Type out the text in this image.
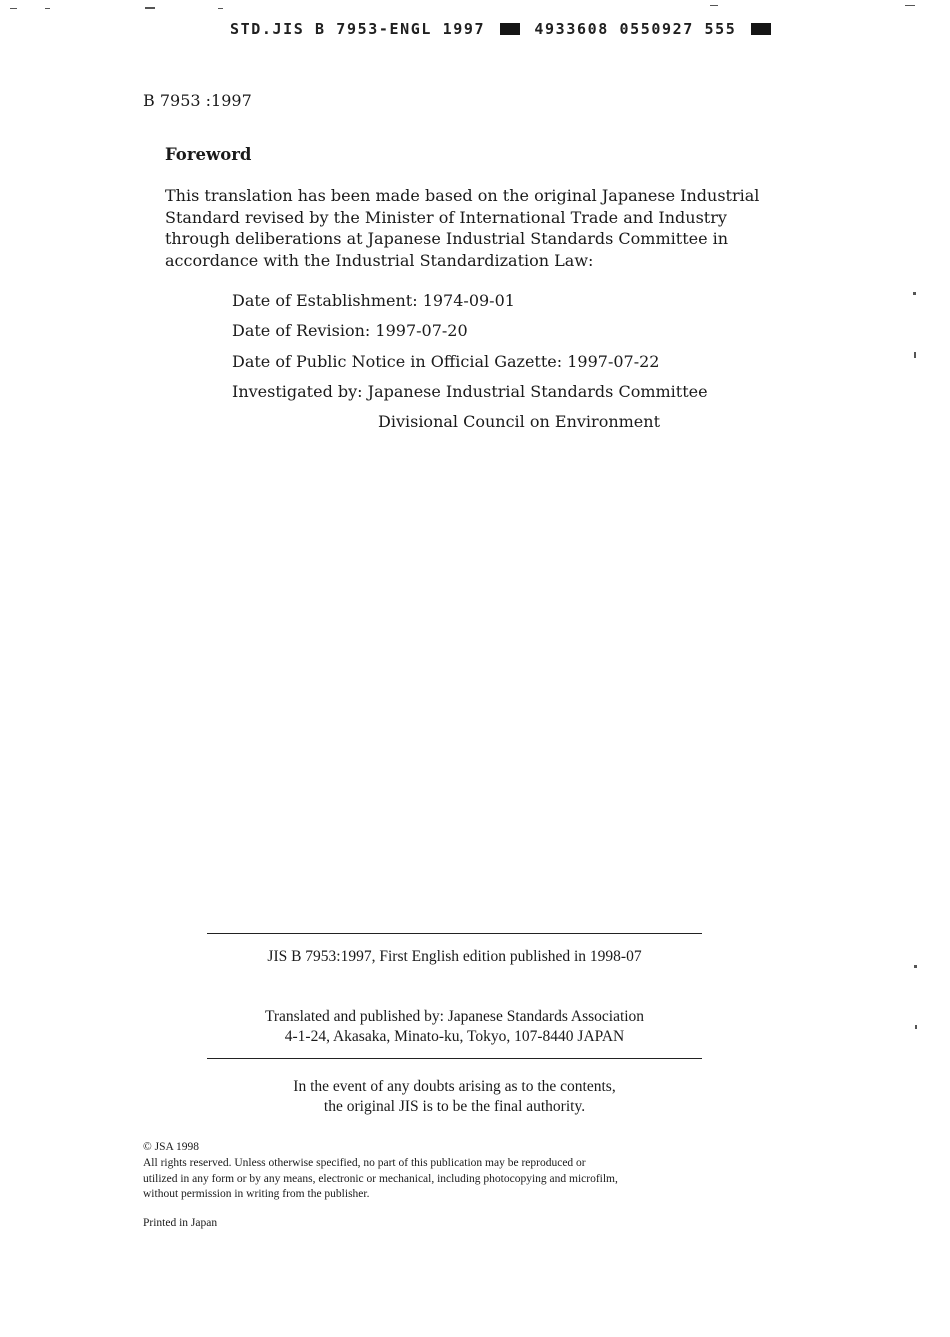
STD.JIS B 7953-ENGL 1997	4933608 0550927 555
B 7953 :1997
Foreword
This translation has been made based on the original Japanese Industrial
Standard revised by the Minister of International Trade and Industry
through deliberations at Japanese Industrial Standards Committee in
accordance with the Industrial Standardization Law:
Date of Establishment: 1974-09-01
Date of Revision: 1997-07-20
Date of Public Notice in Official Gazette: 1997-07-22
Investigated by: Japanese Industrial Standards Committee
Divisional Council on Environment
JIS B 7953:1997, First English edition published in 1998-07
Translated and published by: Japanese Standards Association
4-1-24, Akasaka, Minato-ku, Tokyo, 107-8440 JAPAN
In the event of any doubts arising as to the contents,
the original JIS is to be the final authority.
© JSA 1998
All rights reserved. Unless otherwise specified, no part of this publication may be reproduced or
utilized in any form or by any means, electronic or mechanical, including photocopying and microfilm,
without permission in writing from the publisher.
Printed in Japan
